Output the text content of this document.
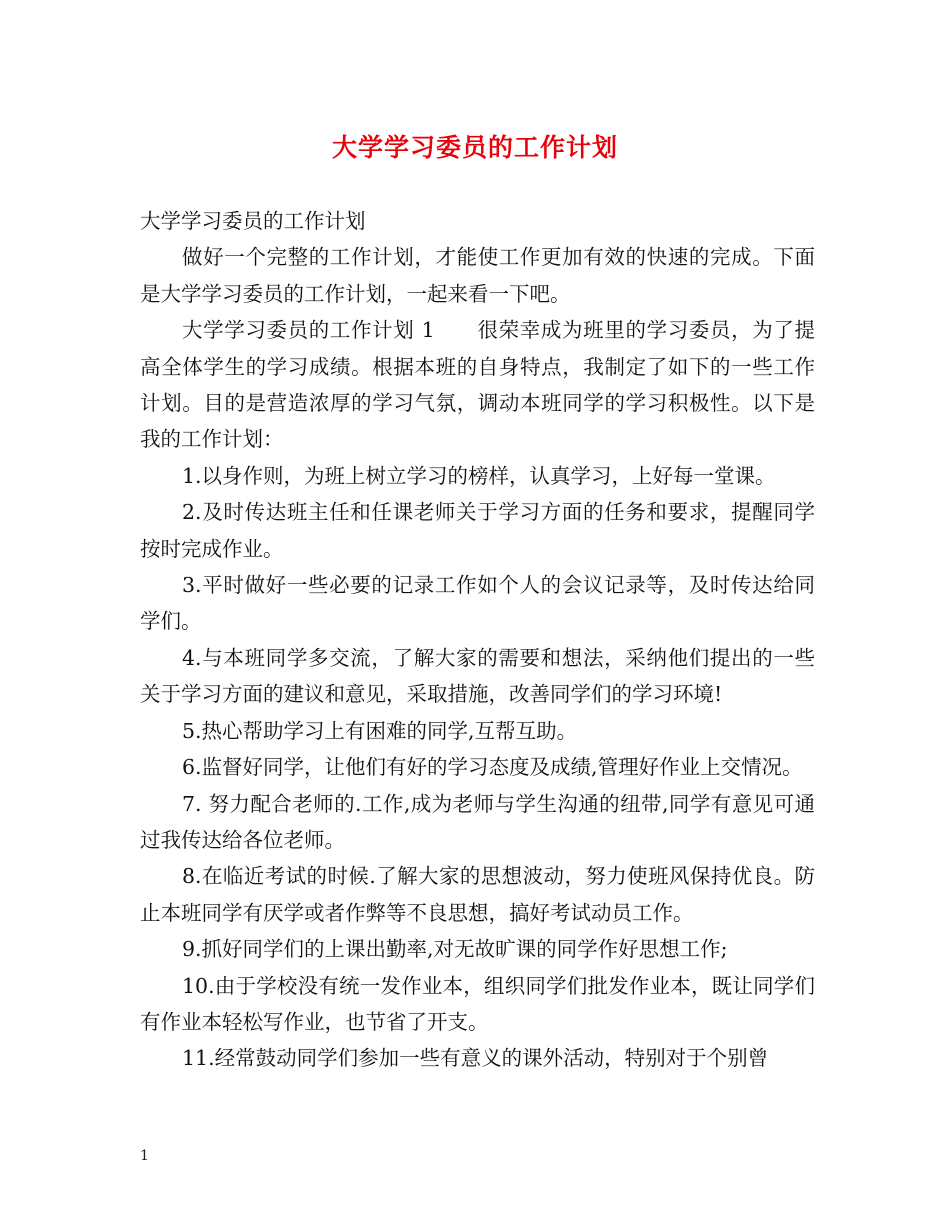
大学学习委员的工作计划

大学学习委员的工作计划

做好一个完整的工作计划，才能使工作更加有效的快速的完成。下面是大学学习委员的工作计划，一起来看一下吧。

大学学习委员的工作计划 1　　很荣幸成为班里的学习委员，为了提高全体学生的学习成绩。根据本班的自身特点，我制定了如下的一些工作计划。目的是营造浓厚的学习气氛，调动本班同学的学习积极性。以下是我的工作计划：

1.以身作则，为班上树立学习的榜样，认真学习，上好每一堂课。

2.及时传达班主任和任课老师关于学习方面的任务和要求，提醒同学按时完成作业。

3.平时做好一些必要的记录工作如个人的会议记录等，及时传达给同学们。

4.与本班同学多交流，了解大家的需要和想法，采纳他们提出的一些关于学习方面的建议和意见，采取措施，改善同学们的学习环境!

5.热心帮助学习上有困难的同学,互帮互助。

6.监督好同学，让他们有好的学习态度及成绩,管理好作业上交情况。

7. 努力配合老师的.工作,成为老师与学生沟通的纽带,同学有意见可通过我传达给各位老师。

8.在临近考试的时候.了解大家的思想波动，努力使班风保持优良。防止本班同学有厌学或者作弊等不良思想，搞好考试动员工作。

9.抓好同学们的上课出勤率,对无故旷课的同学作好思想工作;

10.由于学校没有统一发作业本，组织同学们批发作业本，既让同学们有作业本轻松写作业，也节省了开支。

11.经常鼓动同学们参加一些有意义的课外活动，特别对于个别曾

1
